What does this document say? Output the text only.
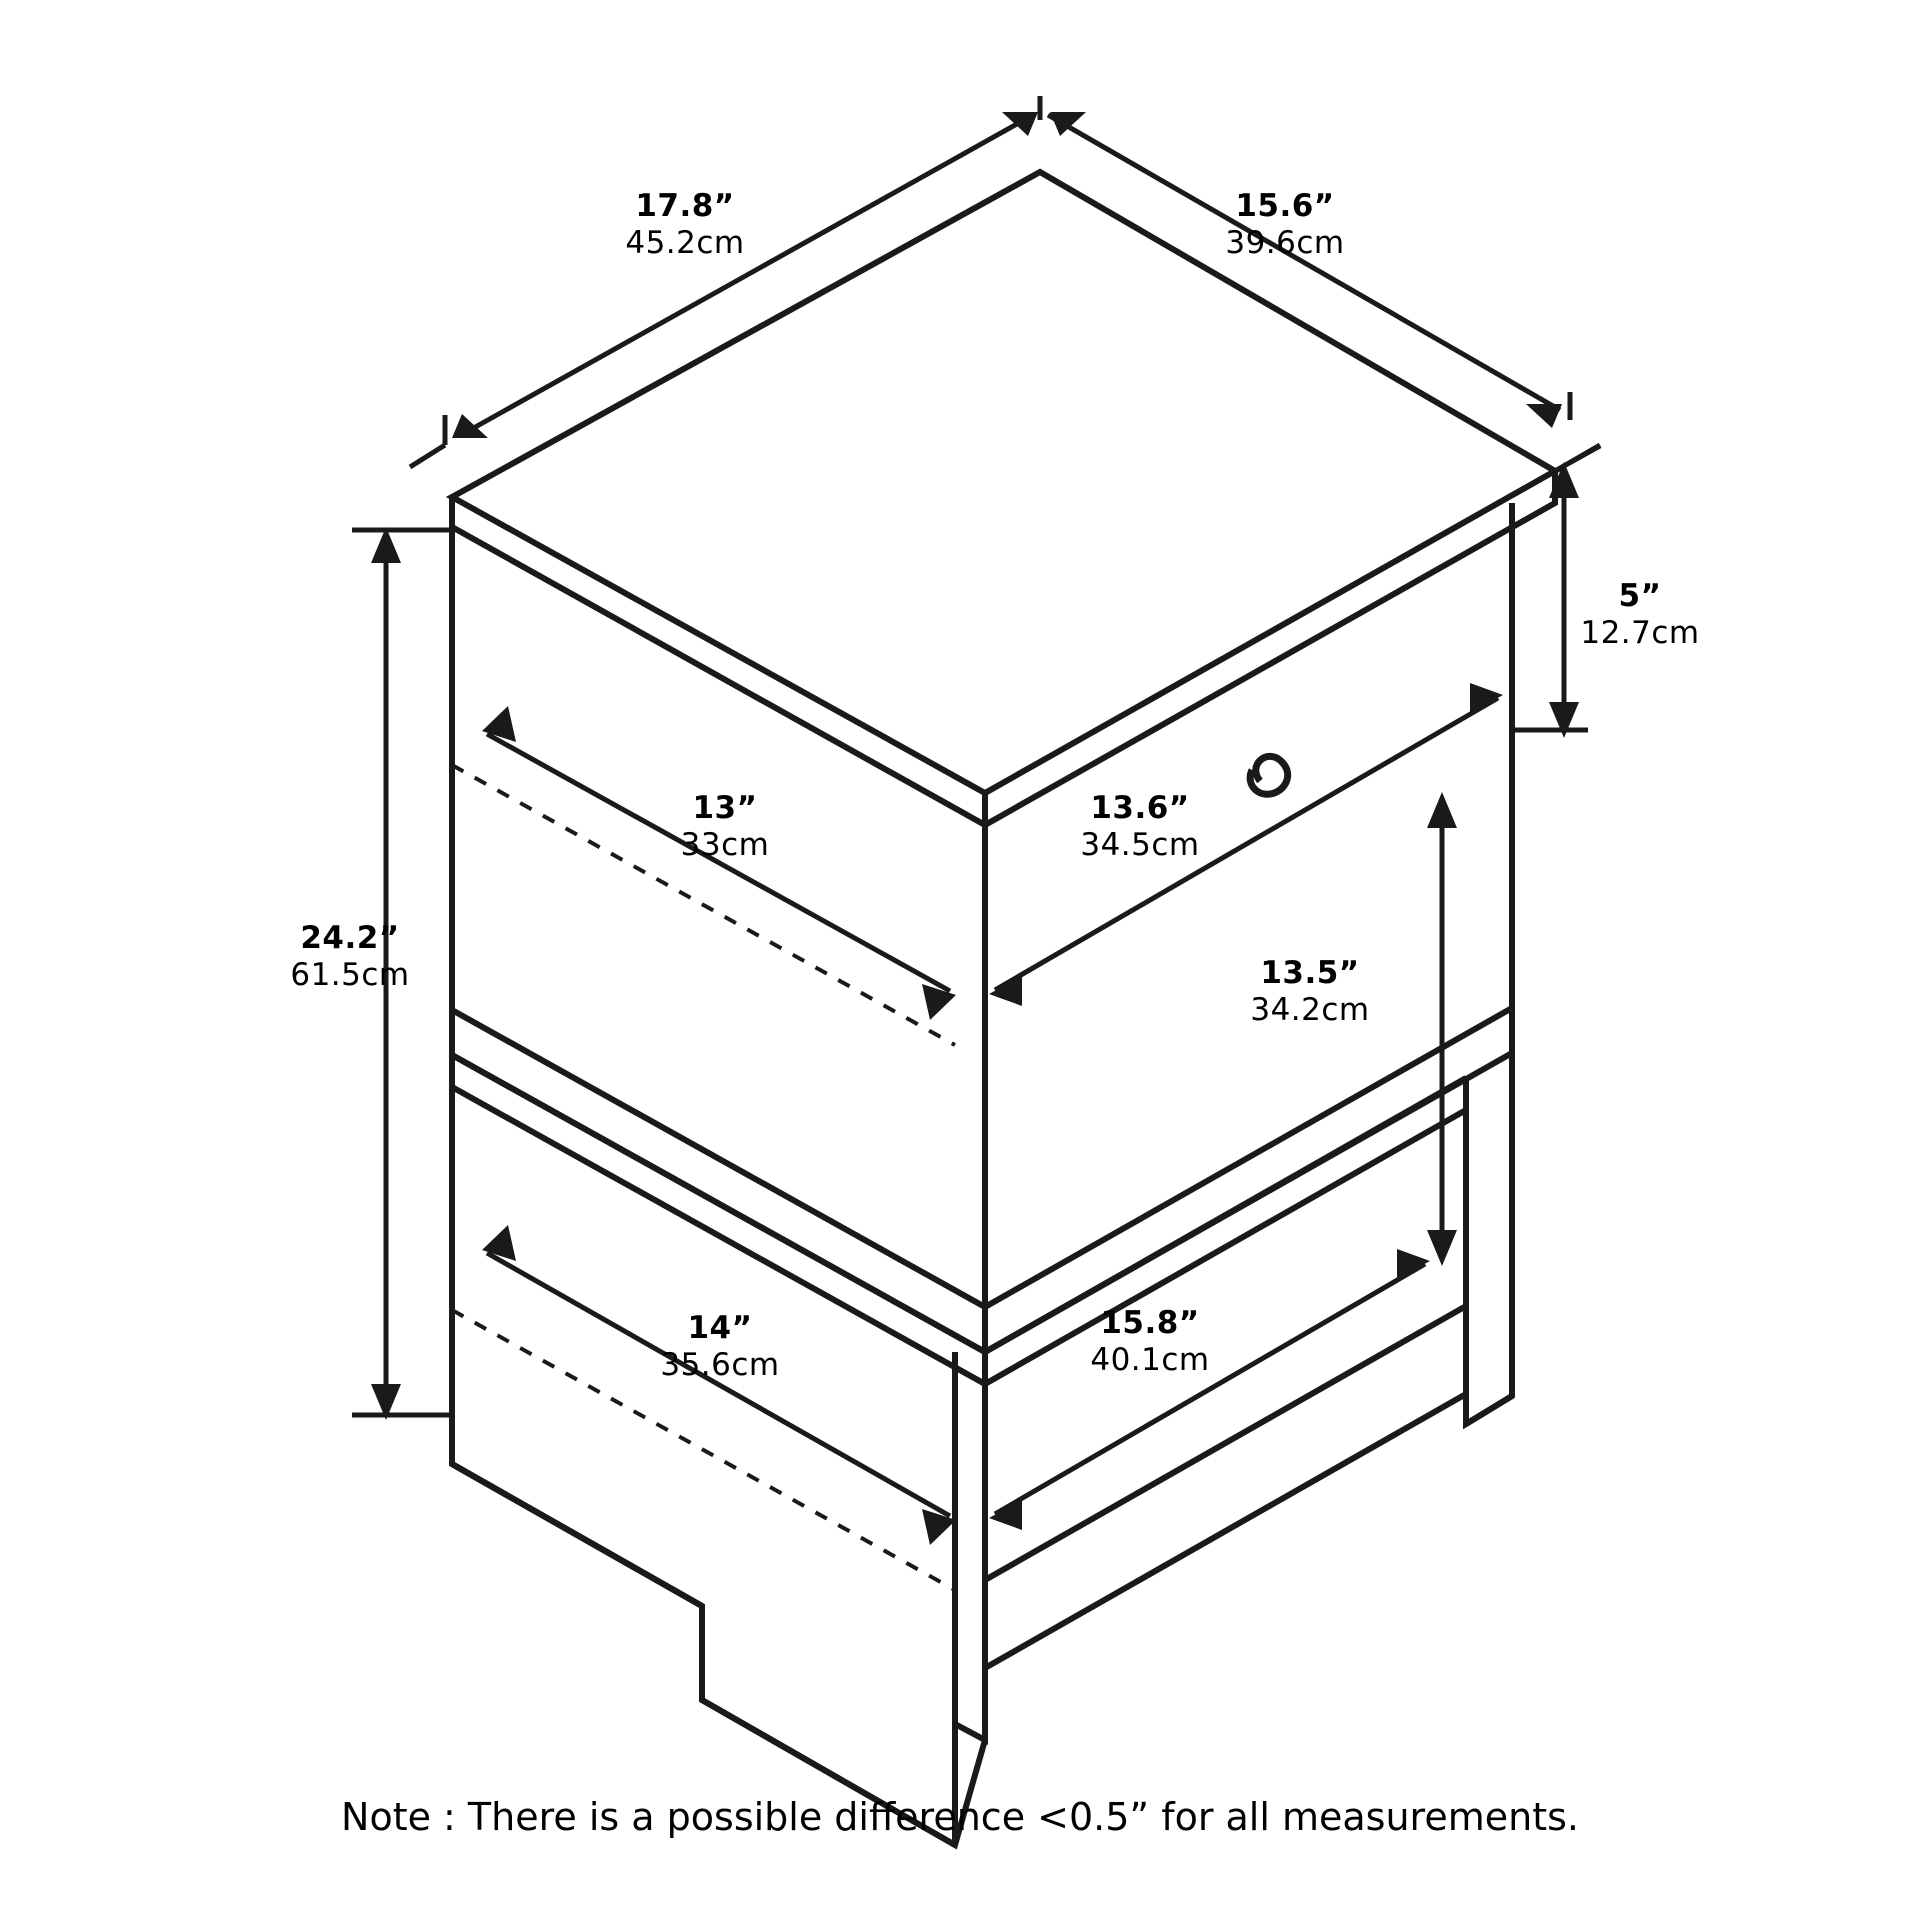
17.8”
45.2cm
15.6”
39.6cm
5”
12.7cm
24.2”
61.5cm
13”
33cm
13.6”
34.5cm
13.5”
34.2cm
14”
35.6cm
15.8”
40.1cm
Note : There is a possible difference <0.5” for all measurements.
